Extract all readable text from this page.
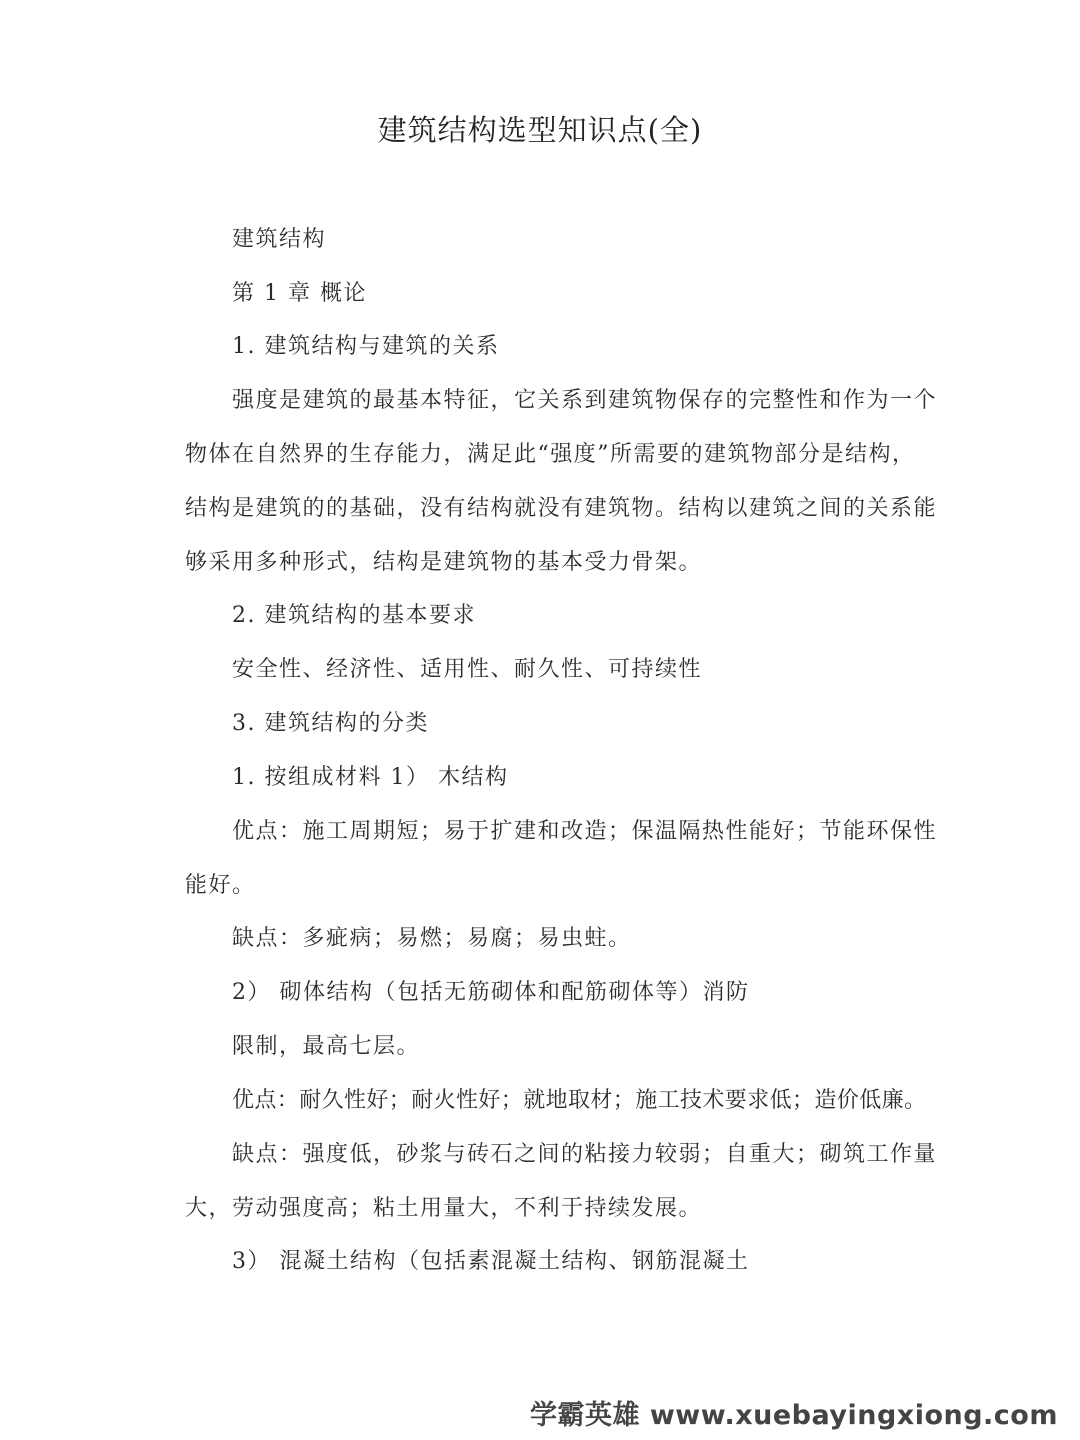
建筑结构选型知识点(全)
建筑结构
第 1 章 概论
1. 建筑结构与建筑的关系
强度是建筑的最基本特征，它关系到建筑物保存的完整性和作为一个
物体在自然界的生存能力，满足此“强度”所需要的建筑物部分是结构，
结构是建筑的的基础，没有结构就没有建筑物。结构以建筑之间的关系能
够采用多种形式，结构是建筑物的基本受力骨架。
2. 建筑结构的基本要求
安全性、经济性、适用性、耐久性、可持续性
3. 建筑结构的分类
1. 按组成材料 1） 木结构
优点：施工周期短；易于扩建和改造；保温隔热性能好；节能环保性
能好。
缺点：多疵病；易燃；易腐；易虫蛀。
2） 砌体结构（包括无筋砌体和配筋砌体等）消防
限制，最高七层。
优点：耐久性好；耐火性好；就地取材；施工技术要求低；造价低廉。
缺点：强度低，砂浆与砖石之间的粘接力较弱；自重大；砌筑工作量
大，劳动强度高；粘土用量大，不利于持续发展。
3） 混凝土结构（包括素混凝土结构、钢筋混凝土
学霸英雄 www.xuebayingxiong.com
